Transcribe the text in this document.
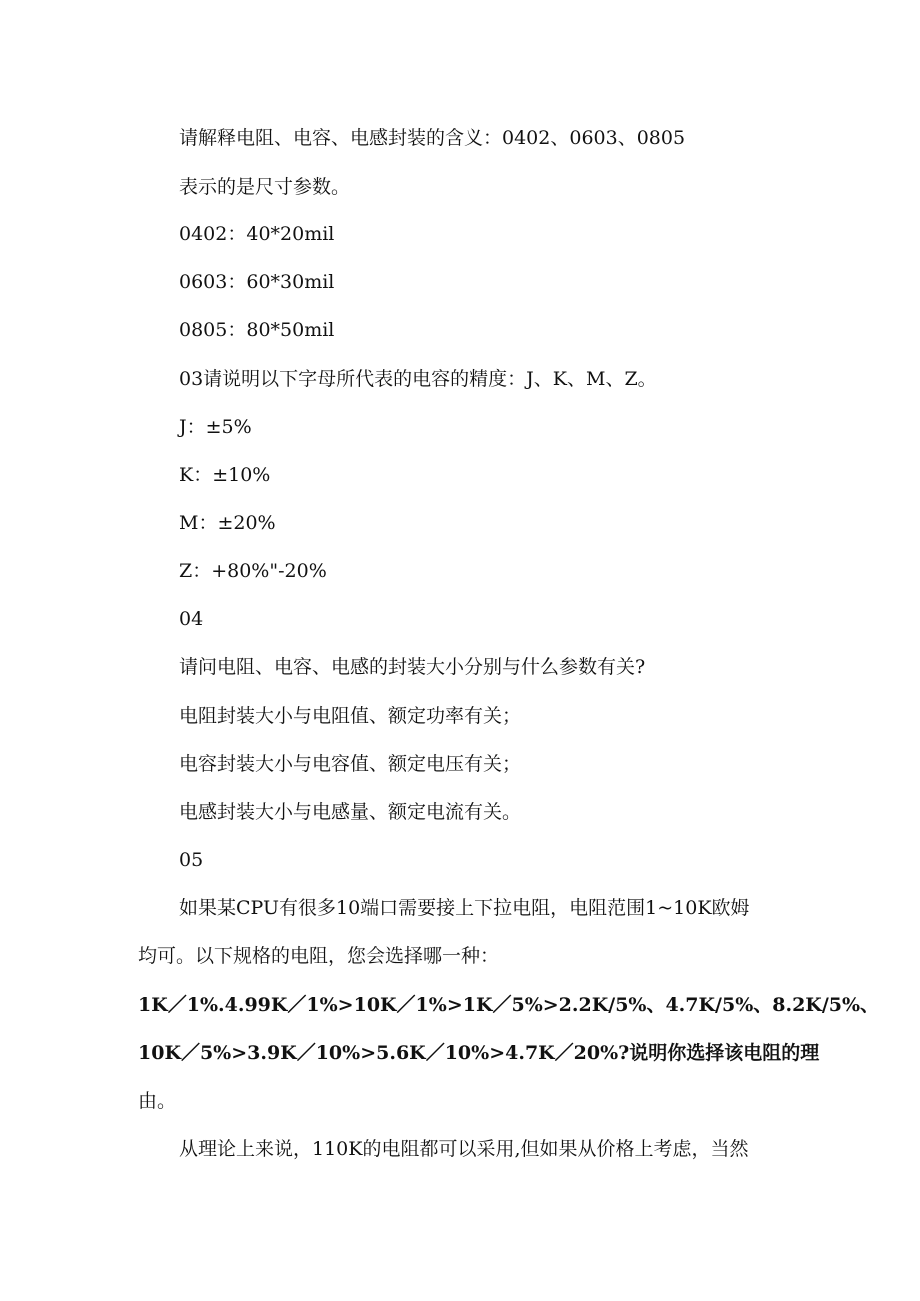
请解释电阻、电容、电感封装的含义：0402、0603、0805
表示的是尺寸参数。
0402：40*20mil
0603：60*30mil
0805：80*50mil
03请说明以下字母所代表的电容的精度：J、K、M、Z。
J：±5%
K：±10%
M：±20%
Z：+80%"-20%
04
请问电阻、电容、电感的封装大小分别与什么参数有关?
电阻封装大小与电阻值、额定功率有关；
电容封装大小与电容值、额定电压有关；
电感封装大小与电感量、额定电流有关。
05
如果某CPU有很多10端口需要接上下拉电阻，电阻范围1~10K欧姆
均可。以下规格的电阻，您会选择哪一种：
1K／1%.4.99K／1%>10K／1%>1K／5%>2.2K/5%、4.7K/5%、8.2K/5%、
10K／5%>3.9K／10%>5.6K／10%>4.7K／20%?说明你选择该电阻的理
由。
从理论上来说，110K的电阻都可以采用,但如果从价格上考虑，当然
